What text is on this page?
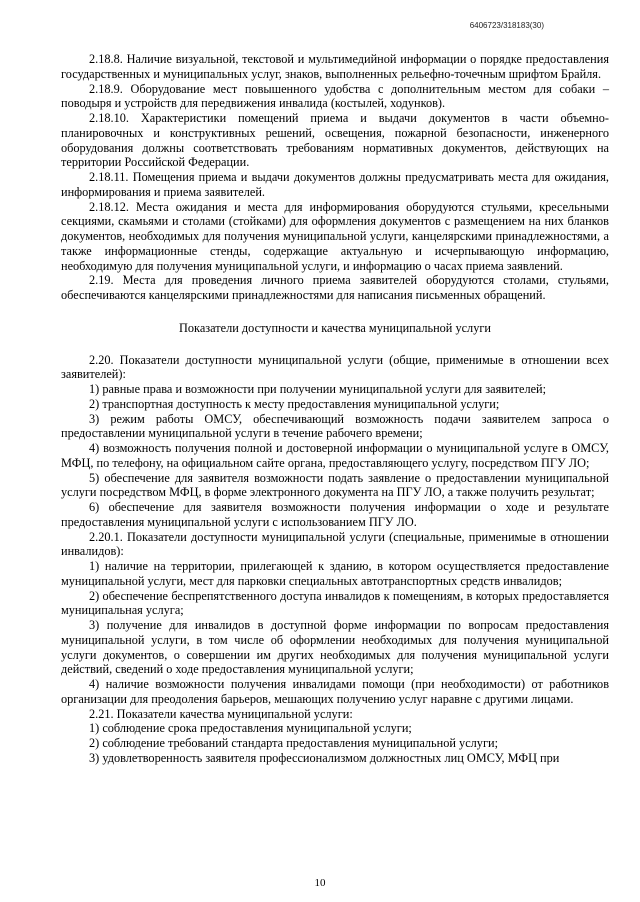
6406723/318183(30)

2.18.8. Наличие визуальной, текстовой и мультимедийной информации о порядке предоставления государственных и муниципальных услуг, знаков, выполненных рельефно-точечным шрифтом Брайля.

2.18.9. Оборудование мест повышенного удобства с дополнительным местом для собаки – поводыря и устройств для передвижения инвалида (костылей, ходунков).

2.18.10. Характеристики помещений приема и выдачи документов в части объемно-планировочных и конструктивных решений, освещения, пожарной безопасности, инженерного оборудования должны соответствовать требованиям нормативных документов, действующих на территории Российской Федерации.

2.18.11. Помещения приема и выдачи документов должны предусматривать места для ожидания, информирования и приема заявителей.

2.18.12. Места ожидания и места для информирования оборудуются стульями, кресельными секциями, скамьями и столами (стойками) для оформления документов с размещением на них бланков документов, необходимых для получения муниципальной услуги, канцелярскими принадлежностями, а также информационные стенды, содержащие актуальную и исчерпывающую информацию, необходимую для получения муниципальной услуги, и информацию о часах приема заявлений.

2.19. Места для проведения личного приема заявителей оборудуются столами, стульями, обеспечиваются канцелярскими принадлежностями для написания письменных обращений.

Показатели доступности и качества муниципальной услуги

2.20. Показатели доступности муниципальной услуги (общие, применимые в отношении всех заявителей):

1) равные права и возможности при получении муниципальной услуги для заявителей;

2) транспортная доступность к месту предоставления муниципальной услуги;

3) режим работы ОМСУ, обеспечивающий возможность подачи заявителем запроса о предоставлении муниципальной услуги в течение рабочего времени;

4) возможность получения полной и достоверной информации о муниципальной услуге в ОМСУ, МФЦ, по телефону, на официальном сайте органа, предоставляющего услугу, посредством ПГУ ЛО;

5) обеспечение для заявителя возможности подать заявление о предоставлении муниципальной услуги посредством МФЦ, в форме электронного документа на ПГУ ЛО, а также получить результат;

6) обеспечение для заявителя возможности получения информации о ходе и результате предоставления муниципальной услуги с использованием ПГУ ЛО.

2.20.1. Показатели доступности муниципальной услуги (специальные, применимые в отношении инвалидов):

1) наличие на территории, прилегающей к зданию, в котором осуществляется предоставление муниципальной услуги, мест для парковки специальных автотранспортных средств инвалидов;

2) обеспечение беспрепятственного доступа инвалидов к помещениям, в которых предоставляется муниципальная услуга;

3) получение для инвалидов в доступной форме информации по вопросам предоставления муниципальной услуги, в том числе об оформлении необходимых для получения муниципальной услуги документов, о совершении им других необходимых для получения муниципальной услуги действий, сведений о ходе предоставления муниципальной услуги;

4) наличие возможности получения инвалидами помощи (при необходимости) от работников организации для преодоления барьеров, мешающих получению услуг наравне с другими лицами.

2.21. Показатели качества муниципальной услуги:

1) соблюдение срока предоставления муниципальной услуги;

2) соблюдение требований стандарта предоставления муниципальной услуги;

3) удовлетворенность заявителя профессионализмом должностных лиц ОМСУ, МФЦ при

10
